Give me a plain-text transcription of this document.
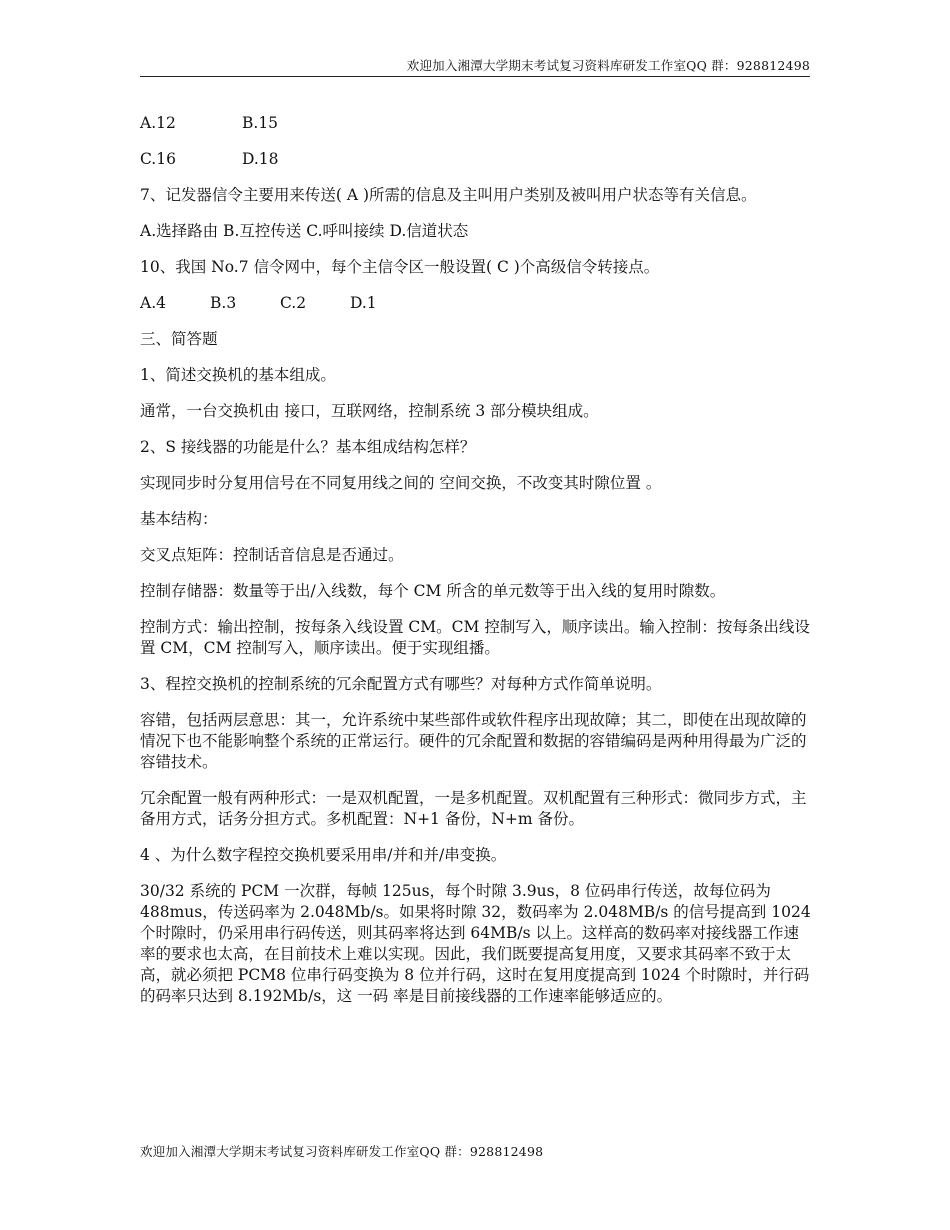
欢迎加入湘潭大学期末考试复习资料库研发工作室QQ 群：928812498
A.12	B.15
C.16	D.18

7、记发器信令主要用来传送( A )所需的信息及主叫用户类别及被叫用户状态等有关信息。

A.选择路由 B.互控传送 C.呼叫接续 D.信道状态

10、我国 No.7 信令网中，每个主信令区一般设置( C )个高级信令转接点。

A.4	B.3	C.2	D.1

三、简答题

1、简述交换机的基本组成。

通常，一台交换机由 接口，互联网络，控制系统 3 部分模块组成。

2、S 接线器的功能是什么？基本组成结构怎样？

实现同步时分复用信号在不同复用线之间的 空间交换，不改变其时隙位置 。

基本结构：

交叉点矩阵：控制话音信息是否通过。

控制存储器：数量等于出/入线数，每个 CM 所含的单元数等于出入线的复用时隙数。

控制方式：输出控制，按每条入线设置 CM。CM 控制写入，顺序读出。输入控制：按每条出线设置 CM，CM 控制写入，顺序读出。便于实现组播。

3、程控交换机的控制系统的冗余配置方式有哪些？对每种方式作简单说明。

容错，包括两层意思：其一，允许系统中某些部件或软件程序出现故障；其二，即使在出现故障的情况下也不能影响整个系统的正常运行。硬件的冗余配置和数据的容错编码是两种用得最为广泛的容错技术。

冗余配置一般有两种形式：一是双机配置，一是多机配置。双机配置有三种形式：微同步方式，主备用方式，话务分担方式。多机配置：N+1 备份，N+m 备份。

4 、为什么数字程控交换机要采用串/并和并/串变换。

30/32 系统的 PCM 一次群，每帧 125us，每个时隙 3.9us，8 位码串行传送，故每位码为 488mus，传送码率为 2.048Mb/s。如果将时隙 32，数码率为 2.048MB/s 的信号提高到 1024 个时隙时，仍采用串行码传送，则其码率将达到 64MB/s 以上。这样高的数码率对接线器工作速率的要求也太高，在目前技术上难以实现。因此，我们既要提高复用度，又要求其码率不致于太高，就必须把 PCM8 位串行码变换为 8 位并行码，这时在复用度提高到 1024 个时隙时，并行码的码率只达到 8.192Mb/s，这 一码 率是目前接线器的工作速率能够适应的。

欢迎加入湘潭大学期末考试复习资料库研发工作室QQ 群：928812498
